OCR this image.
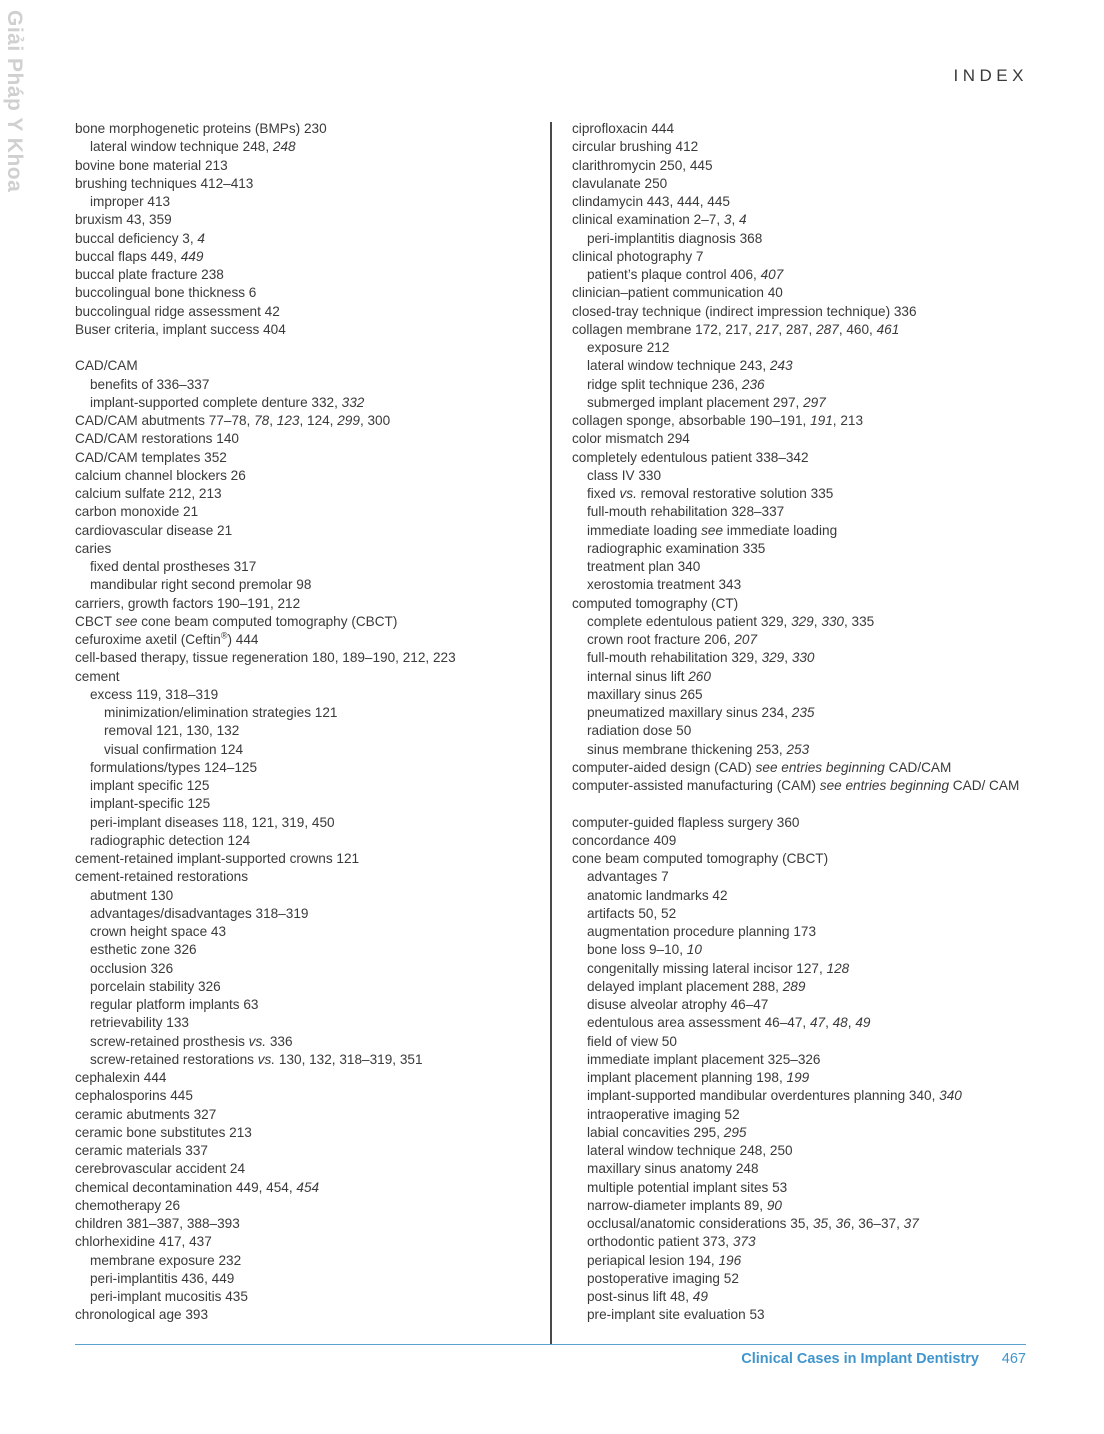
Giải Pháp Y Khoa	INDEX
bone morphogenetic proteins (BMPs) 230
lateral window technique 248, 248
bovine bone material 213
brushing techniques 412–413
improper 413
bruxism 43, 359
buccal deficiency 3, 4
buccal flaps 449, 449
buccal plate fracture 238
buccolingual bone thickness 6
buccolingual ridge assessment 42
Buser criteria, implant success 404
CAD/CAM
benefits of 336–337
implant-supported complete denture 332, 332
CAD/CAM abutments 77–78, 78, 123, 124, 299, 300
CAD/CAM restorations 140
CAD/CAM templates 352
calcium channel blockers 26
calcium sulfate 212, 213
carbon monoxide 21
cardiovascular disease 21
caries
fixed dental prostheses 317
mandibular right second premolar 98
carriers, growth factors 190–191, 212
CBCT see cone beam computed tomography (CBCT)
cefuroxime axetil (Ceftin®) 444
cell-based therapy, tissue regeneration 180, 189–190, 212, 223
cement
excess 119, 318–319
minimization/elimination strategies 121
removal 121, 130, 132
visual confirmation 124
formulations/types 124–125
implant specific 125
implant-specific 125
peri-implant diseases 118, 121, 319, 450
radiographic detection 124
cement-retained implant-supported crowns 121
cement-retained restorations
abutment 130
advantages/disadvantages 318–319
crown height space 43
esthetic zone 326
occlusion 326
porcelain stability 326
regular platform implants 63
retrievability 133
screw-retained prosthesis vs. 336
screw-retained restorations vs. 130, 132, 318–319, 351
cephalexin 444
cephalosporins 445
ceramic abutments 327
ceramic bone substitutes 213
ceramic materials 337
cerebrovascular accident 24
chemical decontamination 449, 454, 454
chemotherapy 26
children 381–387, 388–393
chlorhexidine 417, 437
membrane exposure 232
peri-implantitis 436, 449
peri-implant mucositis 435
chronological age 393
ciprofloxacin 444
circular brushing 412
clarithromycin 250, 445
clavulanate 250
clindamycin 443, 444, 445
clinical examination 2–7, 3, 4
peri-implantitis diagnosis 368
clinical photography 7
patient’s plaque control 406, 407
clinician–patient communication 40
closed-tray technique (indirect impression technique) 336
collagen membrane 172, 217, 217, 287, 287, 460, 461
exposure 212
lateral window technique 243, 243
ridge split technique 236, 236
submerged implant placement 297, 297
collagen sponge, absorbable 190–191, 191, 213
color mismatch 294
completely edentulous patient 338–342
class IV 330
fixed vs. removal restorative solution 335
full-mouth rehabilitation 328–337
immediate loading see immediate loading
radiographic examination 335
treatment plan 340
xerostomia treatment 343
computed tomography (CT)
complete edentulous patient 329, 329, 330, 335
crown root fracture 206, 207
full-mouth rehabilitation 329, 329, 330
internal sinus lift 260
maxillary sinus 265
pneumatized maxillary sinus 234, 235
radiation dose 50
sinus membrane thickening 253, 253
computer-aided design (CAD) see entries beginning CAD/CAM
computer-assisted manufacturing (CAM) see entries beginning CAD/ CAM
computer-guided flapless surgery 360
concordance 409
cone beam computed tomography (CBCT)
advantages 7
anatomic landmarks 42
artifacts 50, 52
augmentation procedure planning 173
bone loss 9–10, 10
congenitally missing lateral incisor 127, 128
delayed implant placement 288, 289
disuse alveolar atrophy 46–47
edentulous area assessment 46–47, 47, 48, 49
field of view 50
immediate implant placement 325–326
implant placement planning 198, 199
implant-supported mandibular overdentures planning 340, 340
intraoperative imaging 52
labial concavities 295, 295
lateral window technique 248, 250
maxillary sinus anatomy 248
multiple potential implant sites 53
narrow-diameter implants 89, 90
occlusal/anatomic considerations 35, 35, 36, 36–37, 37
orthodontic patient 373, 373
periapical lesion 194, 196
postoperative imaging 52
post-sinus lift 48, 49
pre-implant site evaluation 53
Clinical Cases in Implant Dentistry 467
